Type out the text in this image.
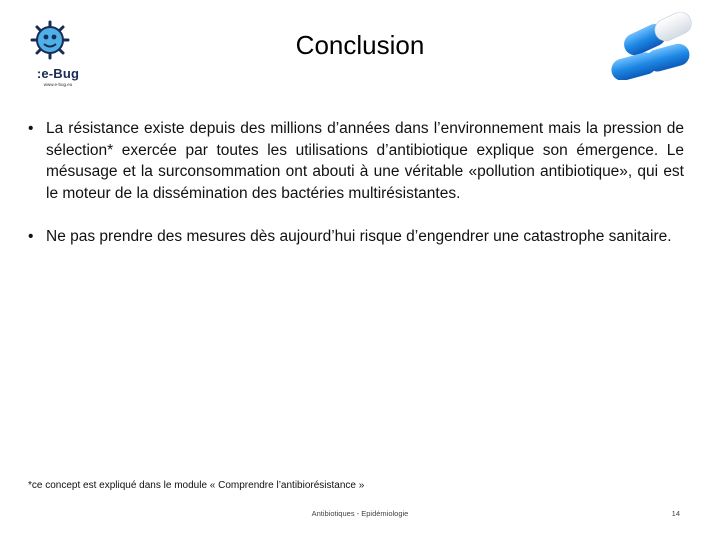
:e-Bug
www.e-bug.eu
Conclusion
• La résistance existe depuis des millions d’années dans l’environnement mais la pression de sélection* exercée par toutes les utilisations d’antibiotique explique son émergence. Le mésusage et la surconsommation ont abouti à une véritable «pollution antibiotique», qui est le moteur de la dissémination des bactéries multirésistantes.
• Ne pas prendre des mesures dès aujourd’hui risque d’engendrer une catastrophe sanitaire.
*ce concept est expliqué dans le module « Comprendre l’antibiorésistance »
Antibiotiques - Epidémiologie	14
